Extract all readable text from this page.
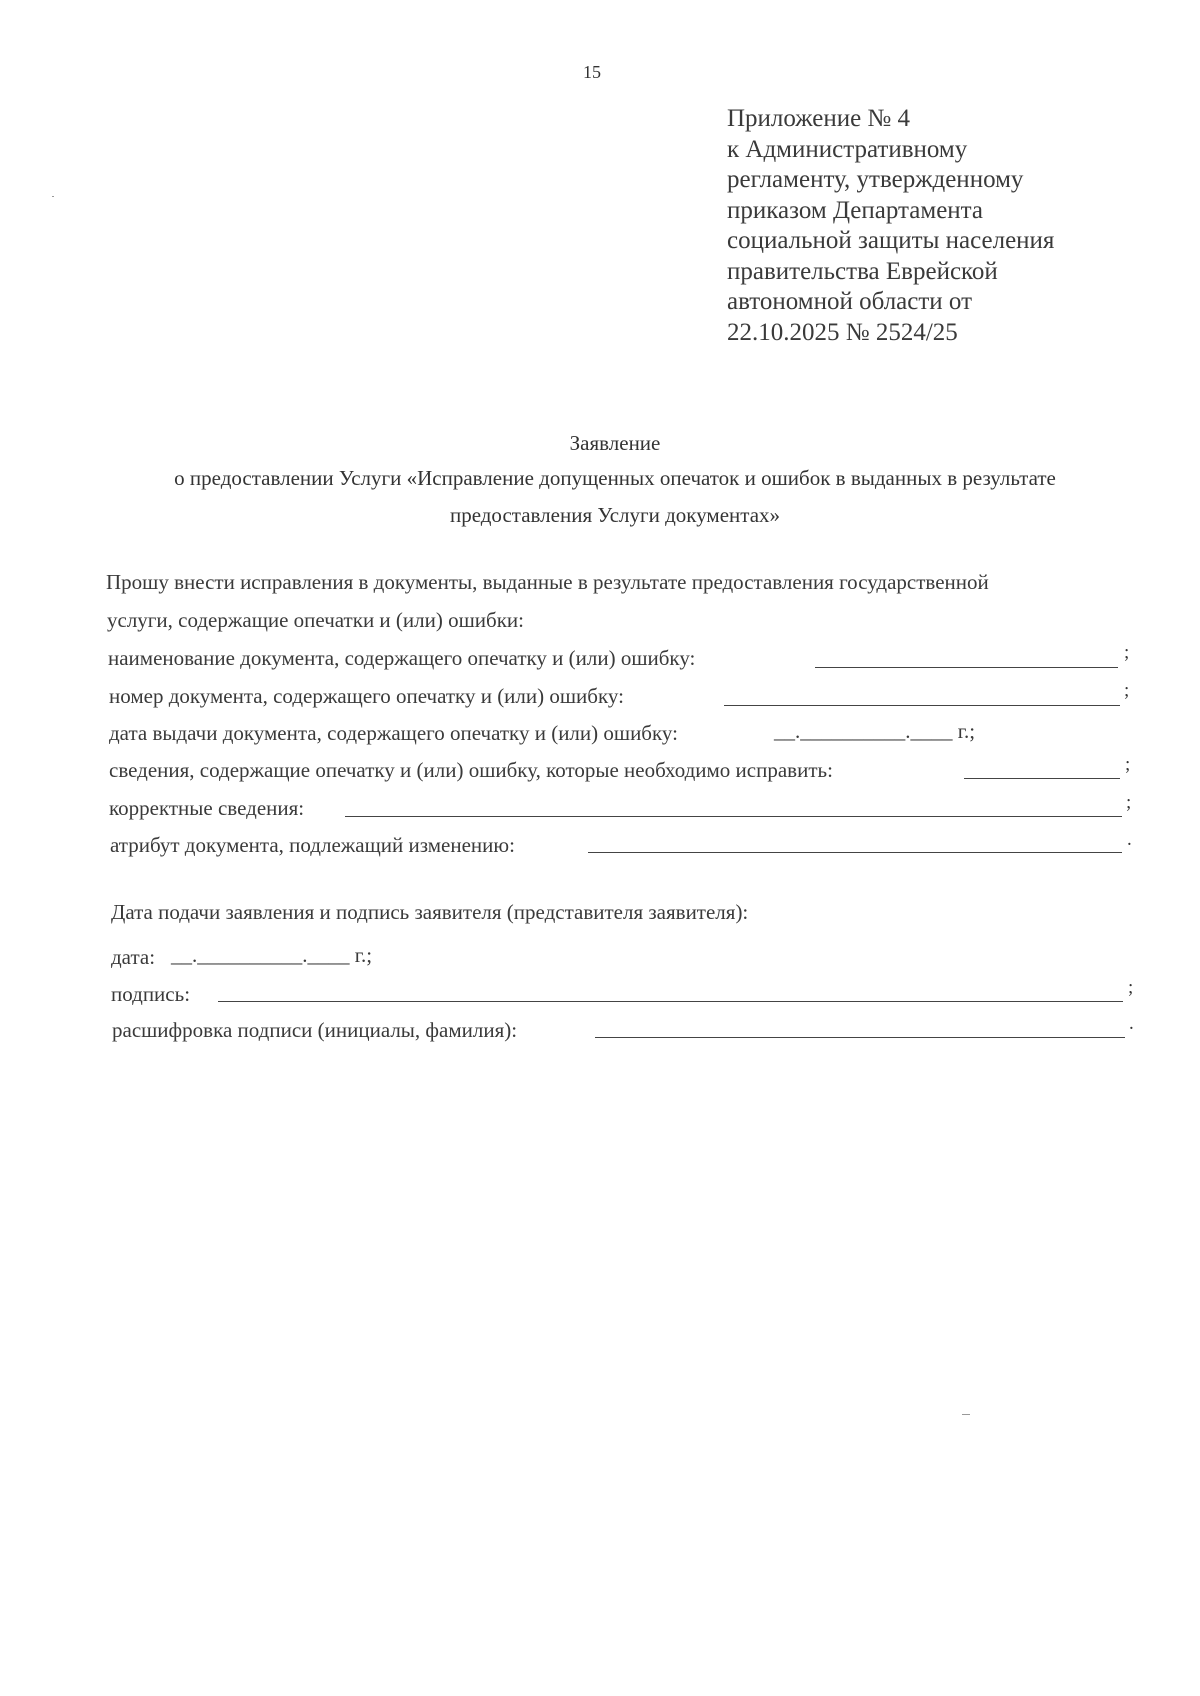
15
Приложение № 4
к Административному
регламенту, утвержденному
приказом Департамента
социальной защиты населения
правительства Еврейской
автономной области от
22.10.2025 № 2524/25
Заявление
о предоставлении Услуги «Исправление допущенных опечаток и ошибок в выданных в результате
предоставления Услуги документах»
Прошу внести исправления в документы, выданные в результате предоставления государственной
услуги, содержащие опечатки и (или) ошибки:
наименование документа, содержащего опечатку и (или) ошибку:	;
номер документа, содержащего опечатку и (или) ошибку:	;
дата выдачи документа, содержащего опечатку и (или) ошибку:	__.__________.____ г.;
сведения, содержащие опечатку и (или) ошибку, которые необходимо исправить:	;
корректные сведения:	;
атрибут документа, подлежащий изменению:	.
Дата подачи заявления и подпись заявителя (представителя заявителя):
дата: __.__________.____ г.;
подпись:	;
расшифровка подписи (инициалы, фамилия):	.
